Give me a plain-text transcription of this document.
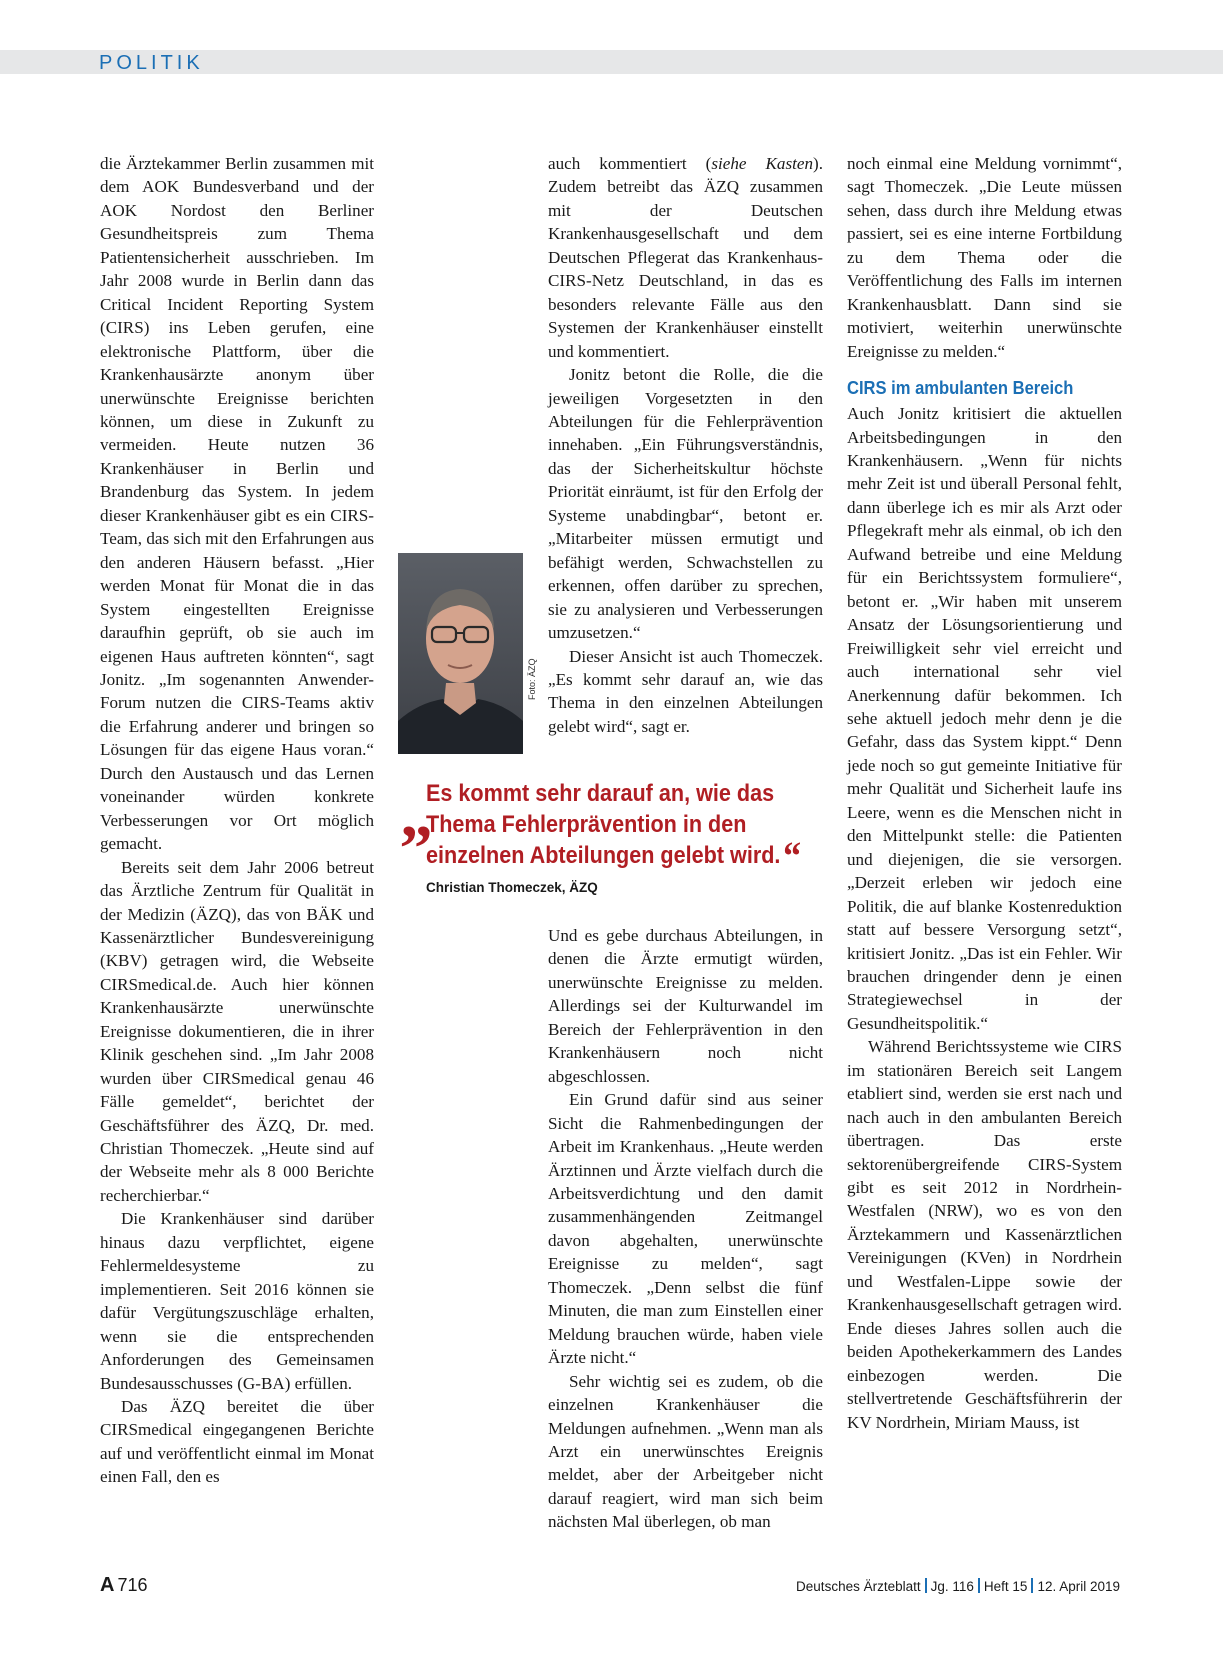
POLITIK

die Ärztekammer Berlin zusammen mit dem AOK Bundesverband und der AOK Nordost den Berliner Gesundheitspreis zum Thema Patientensicherheit ausschrieben. Im Jahr 2008 wurde in Berlin dann das Critical Incident Reporting System (CIRS) ins Leben gerufen, eine elektronische Plattform, über die Krankenhausärzte anonym über unerwünschte Ereignisse berichten können, um diese in Zukunft zu vermeiden. Heute nutzen 36 Krankenhäuser in Berlin und Brandenburg das System. In jedem dieser Krankenhäuser gibt es ein CIRS-Team, das sich mit den Erfahrungen aus den anderen Häusern befasst. „Hier werden Monat für Monat die in das System eingestellten Ereignisse daraufhin geprüft, ob sie auch im eigenen Haus auftreten könnten“, sagt Jonitz. „Im sogenannten Anwender-Forum nutzen die CIRS-Teams aktiv die Erfahrung anderer und bringen so Lösungen für das eigene Haus voran.“ Durch den Austausch und das Lernen voneinander würden konkrete Verbesserungen vor Ort möglich gemacht.

Bereits seit dem Jahr 2006 betreut das Ärztliche Zentrum für Qualität in der Medizin (ÄZQ), das von BÄK und Kassenärztlicher Bundesvereinigung (KBV) getragen wird, die Webseite CIRSmedical.de. Auch hier können Krankenhausärzte unerwünschte Ereignisse dokumentieren, die in ihrer Klinik geschehen sind. „Im Jahr 2008 wurden über CIRSmedical genau 46 Fälle gemeldet“, berichtet der Geschäftsführer des ÄZQ, Dr. med. Christian Thomeczek. „Heute sind auf der Webseite mehr als 8 000 Berichte recherchierbar.“

Die Krankenhäuser sind darüber hinaus dazu verpflichtet, eigene Fehlermeldesysteme zu implementieren. Seit 2016 können sie dafür Vergütungszuschläge erhalten, wenn sie die entsprechenden Anforderungen des Gemeinsamen Bundesausschusses (G-BA) erfüllen.

Das ÄZQ bereitet die über CIRSmedical eingegangenen Berichte auf und veröffentlicht einmal im Monat einen Fall, den es

auch kommentiert (siehe Kasten). Zudem betreibt das ÄZQ zusammen mit der Deutschen Krankenhausgesellschaft und dem Deutschen Pflegerat das Krankenhaus-CIRS-Netz Deutschland, in das es besonders relevante Fälle aus den Systemen der Krankenhäuser einstellt und kommentiert.

Jonitz betont die Rolle, die die jeweiligen Vorgesetzten in den Abteilungen für die Fehlerprävention innehaben. „Ein Führungsverständnis, das der Sicherheitskultur höchste Priorität einräumt, ist für den Erfolg der Systeme unabdingbar“, betont er. „Mitarbeiter müssen ermutigt und befähigt werden, Schwachstellen zu erkennen, offen darüber zu sprechen, sie zu analysieren und Verbesserungen umzusetzen.“

Dieser Ansicht ist auch Thomeczek. „Es kommt sehr darauf an, wie das Thema in den einzelnen Abteilungen gelebt wird“, sagt er.

Foto: ÄZQ
„
Es kommt sehr darauf an, wie das Thema Fehlerprävention in den einzelnen Abteilungen gelebt wird.“
Christian Thomeczek, ÄZQ

Und es gebe durchaus Abteilungen, in denen die Ärzte ermutigt würden, unerwünschte Ereignisse zu melden. Allerdings sei der Kulturwandel im Bereich der Fehlerprävention in den Krankenhäusern noch nicht abgeschlossen.

Ein Grund dafür sind aus seiner Sicht die Rahmenbedingungen der Arbeit im Krankenhaus. „Heute werden Ärztinnen und Ärzte vielfach durch die Arbeitsverdichtung und den damit zusammenhängenden Zeitmangel davon abgehalten, unerwünschte Ereignisse zu melden“, sagt Thomeczek. „Denn selbst die fünf Minuten, die man zum Einstellen einer Meldung brauchen würde, haben viele Ärzte nicht.“

Sehr wichtig sei es zudem, ob die einzelnen Krankenhäuser die Meldungen aufnehmen. „Wenn man als Arzt ein unerwünschtes Ereignis meldet, aber der Arbeitgeber nicht darauf reagiert, wird man sich beim nächsten Mal überlegen, ob man

noch einmal eine Meldung vornimmt“, sagt Thomeczek. „Die Leute müssen sehen, dass durch ihre Meldung etwas passiert, sei es eine interne Fortbildung zu dem Thema oder die Veröffentlichung des Falls im internen Krankenhausblatt. Dann sind sie motiviert, weiterhin unerwünschte Ereignisse zu melden.“

CIRS im ambulanten Bereich

Auch Jonitz kritisiert die aktuellen Arbeitsbedingungen in den Krankenhäusern. „Wenn für nichts mehr Zeit ist und überall Personal fehlt, dann überlege ich es mir als Arzt oder Pflegekraft mehr als einmal, ob ich den Aufwand betreibe und eine Meldung für ein Berichtssystem formuliere“, betont er. „Wir haben mit unserem Ansatz der Lösungsorientierung und Freiwilligkeit sehr viel erreicht und auch international sehr viel Anerkennung dafür bekommen. Ich sehe aktuell jedoch mehr denn je die Gefahr, dass das System kippt.“ Denn jede noch so gut gemeinte Initiative für mehr Qualität und Sicherheit laufe ins Leere, wenn es die Menschen nicht in den Mittelpunkt stelle: die Patienten und diejenigen, die sie versorgen. „Derzeit erleben wir jedoch eine Politik, die auf blanke Kostenreduktion statt auf bessere Versorgung setzt“, kritisiert Jonitz. „Das ist ein Fehler. Wir brauchen dringender denn je einen Strategiewechsel in der Gesundheitspolitik.“

Während Berichtssysteme wie CIRS im stationären Bereich seit Langem etabliert sind, werden sie erst nach und nach auch in den ambulanten Bereich übertragen. Das erste sektorenübergreifende CIRS-System gibt es seit 2012 in Nordrhein-Westfalen (NRW), wo es von den Ärztekammern und Kassenärztlichen Vereinigungen (KVen) in Nordrhein und Westfalen-Lippe sowie der Krankenhausgesellschaft getragen wird. Ende dieses Jahres sollen auch die beiden Apothekerkammern des Landes einbezogen werden. Die stellvertretende Geschäftsführerin der KV Nordrhein, Miriam Mauss, ist

A 716	Deutsches Ärzteblatt Jg. 116 Heft 15 12. April 2019
